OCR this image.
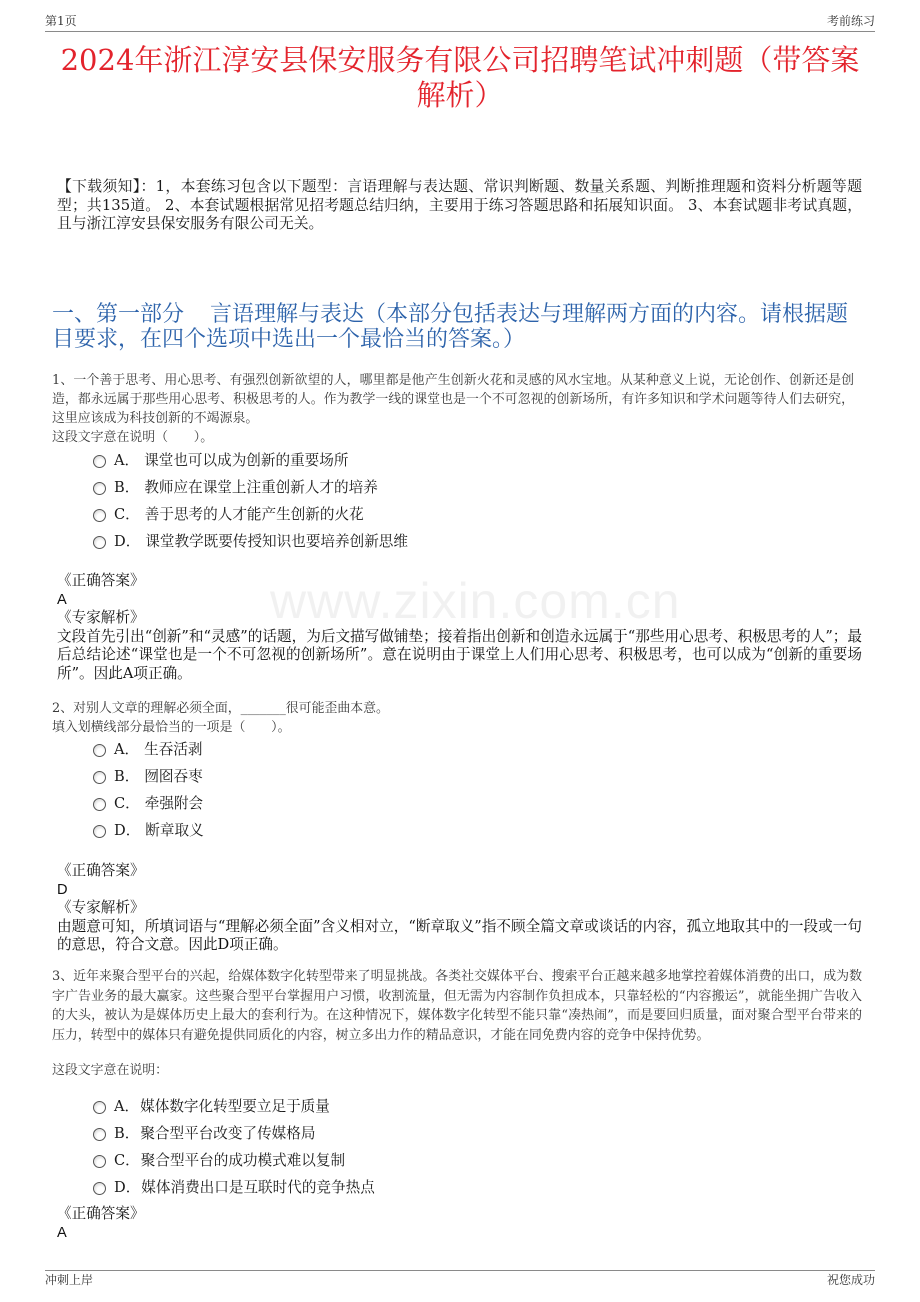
第1页	考前练习
2024年浙江淳安县保安服务有限公司招聘笔试冲刺题（带答案解析）
【下载须知】：1，本套练习包含以下题型：言语理解与表达题、常识判断题、数量关系题、判断推理题和资料分析题等题型；共135道。 2、本套试题根据常见招考题总结归纳，主要用于练习答题思路和拓展知识面。 3、本套试题非考试真题，且与浙江淳安县保安服务有限公司无关。
一、第一部分 言语理解与表达（本部分包括表达与理解两方面的内容。请根据题目要求，在四个选项中选出一个最恰当的答案。）
1、一个善于思考、用心思考、有强烈创新欲望的人，哪里都是他产生创新火花和灵感的风水宝地。从某种意义上说，无论创作、创新还是创造，都永远属于那些用心思考、积极思考的人。作为教学一线的课堂也是一个不可忽视的创新场所，有许多知识和学术问题等待人们去研究，这里应该成为科技创新的不竭源泉。
这段文字意在说明（　　）。
A． 课堂也可以成为创新的重要场所
B． 教师应在课堂上注重创新人才的培养
C． 善于思考的人才能产生创新的火花
D． 课堂教学既要传授知识也要培养创新思维
《正确答案》
A
《专家解析》
文段首先引出“创新”和“灵感”的话题，为后文描写做铺垫；接着指出创新和创造永远属于“那些用心思考、积极思考的人”；最后总结论述“课堂也是一个不可忽视的创新场所”。意在说明由于课堂上人们用心思考、积极思考，也可以成为“创新的重要场所”。因此A项正确。
2、对别人文章的理解必须全面，_______很可能歪曲本意。
填入划横线部分最恰当的一项是（　　）。
A． 生吞活剥
B． 囫囵吞枣
C． 牵强附会
D． 断章取义
《正确答案》
D
《专家解析》
由题意可知，所填词语与“理解必须全面”含义相对立，“断章取义”指不顾全篇文章或谈话的内容，孤立地取其中的一段或一句的意思，符合文意。因此D项正确。
3、近年来聚合型平台的兴起，给媒体数字化转型带来了明显挑战。各类社交媒体平台、搜索平台正越来越多地掌控着媒体消费的出口，成为数字广告业务的最大赢家。这些聚合型平台掌握用户习惯，收割流量，但无需为内容制作负担成本，只靠轻松的“内容搬运”，就能坐拥广告收入的大头，被认为是媒体历史上最大的套利行为。在这种情况下，媒体数字化转型不能只靠“凑热闹”，而是要回归质量，面对聚合型平台带来的压力，转型中的媒体只有避免提供同质化的内容，树立多出力作的精品意识，才能在同免费内容的竞争中保持优势。
这段文字意在说明：
A．媒体数字化转型要立足于质量
B．聚合型平台改变了传媒格局
C．聚合型平台的成功模式难以复制
D．媒体消费出口是互联时代的竞争热点
《正确答案》
A
www.zixin.com.cn
冲刺上岸	祝您成功
